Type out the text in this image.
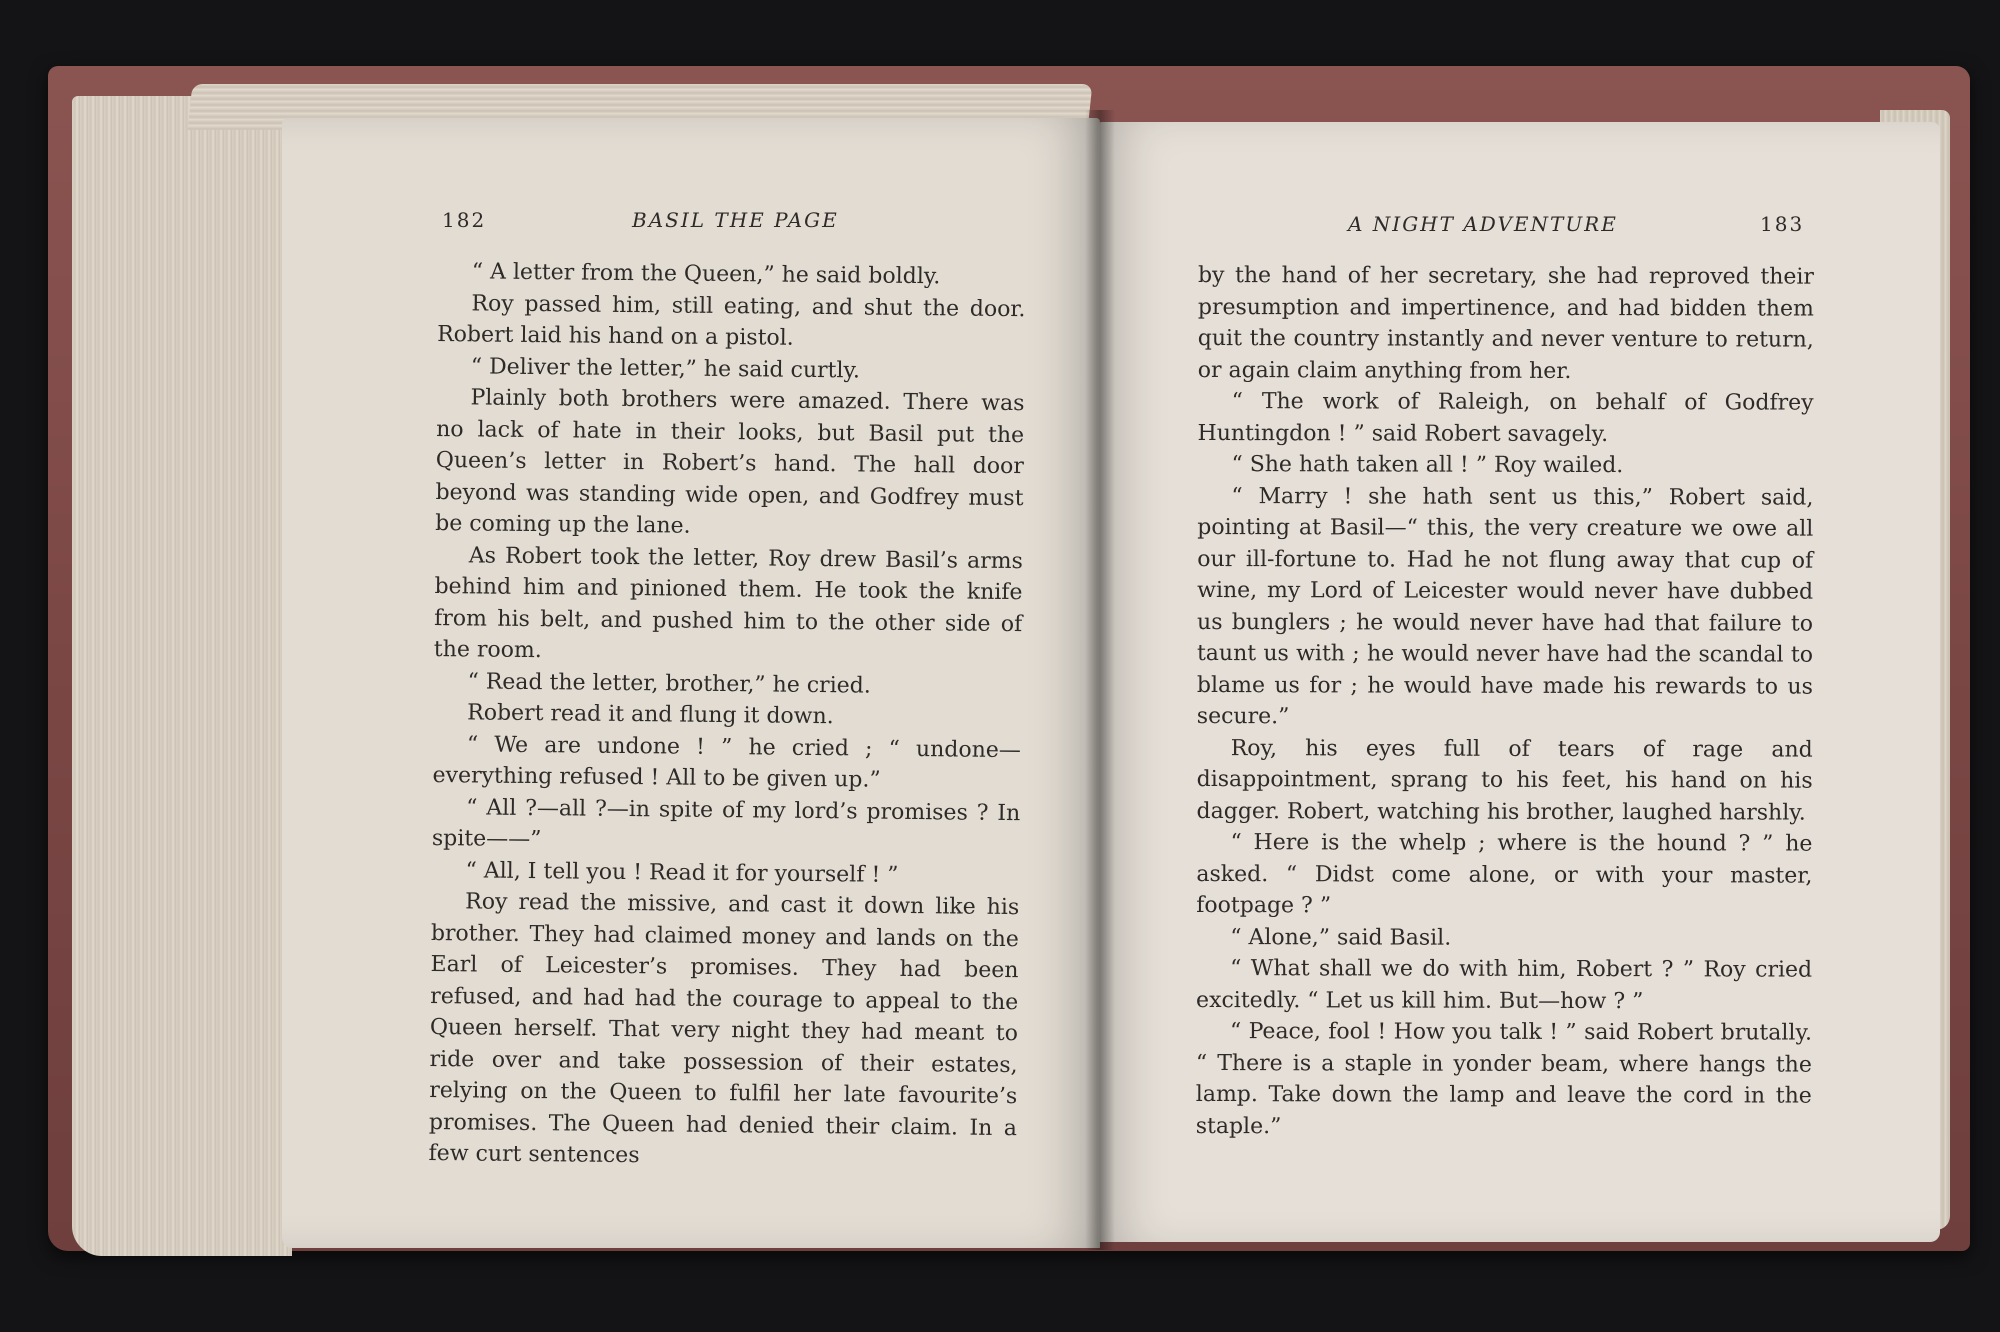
182	BASIL THE PAGE

“ A letter from the Queen,” he said boldly.

Roy passed him, still eating, and shut the door. Robert laid his hand on a pistol.

“ Deliver the letter,” he said curtly.

Plainly both brothers were amazed. There was no lack of hate in their looks, but Basil put the Queen’s letter in Robert’s hand. The hall door beyond was standing wide open, and Godfrey must be coming up the lane.

As Robert took the letter, Roy drew Basil’s arms behind him and pinioned them. He took the knife from his belt, and pushed him to the other side of the room.

“ Read the letter, brother,” he cried.

Robert read it and flung it down.

“ We are undone ! ” he cried ; “ undone—everything refused ! All to be given up.”

“ All ?—all ?—in spite of my lord’s promises ? In spite——”

“ All, I tell you ! Read it for yourself ! ”

Roy read the missive, and cast it down like his brother. They had claimed money and lands on the Earl of Leicester’s promises. They had been refused, and had had the courage to appeal to the Queen herself. That very night they had meant to ride over and take possession of their estates, relying on the Queen to fulfil her late favourite’s promises. The Queen had denied their claim. In a few curt sentences

A NIGHT ADVENTURE	183

by the hand of her secretary, she had reproved their presumption and impertinence, and had bidden them quit the country instantly and never venture to return, or again claim anything from her.

“ The work of Raleigh, on behalf of Godfrey Huntingdon ! ” said Robert savagely.

“ She hath taken all ! ” Roy wailed.

“ Marry ! she hath sent us this,” Robert said, pointing at Basil—“ this, the very creature we owe all our ill-fortune to. Had he not flung away that cup of wine, my Lord of Leicester would never have dubbed us bunglers ; he would never have had that failure to taunt us with ; he would never have had the scandal to blame us for ; he would have made his rewards to us secure.”

Roy, his eyes full of tears of rage and disappointment, sprang to his feet, his hand on his dagger. Robert, watching his brother, laughed harshly.

“ Here is the whelp ; where is the hound ? ” he asked. “ Didst come alone, or with your master, footpage ? ”

“ Alone,” said Basil.

“ What shall we do with him, Robert ? ” Roy cried excitedly. “ Let us kill him. But—how ? ”

“ Peace, fool ! How you talk ! ” said Robert brutally. “ There is a staple in yonder beam, where hangs the lamp. Take down the lamp and leave the cord in the staple.”
